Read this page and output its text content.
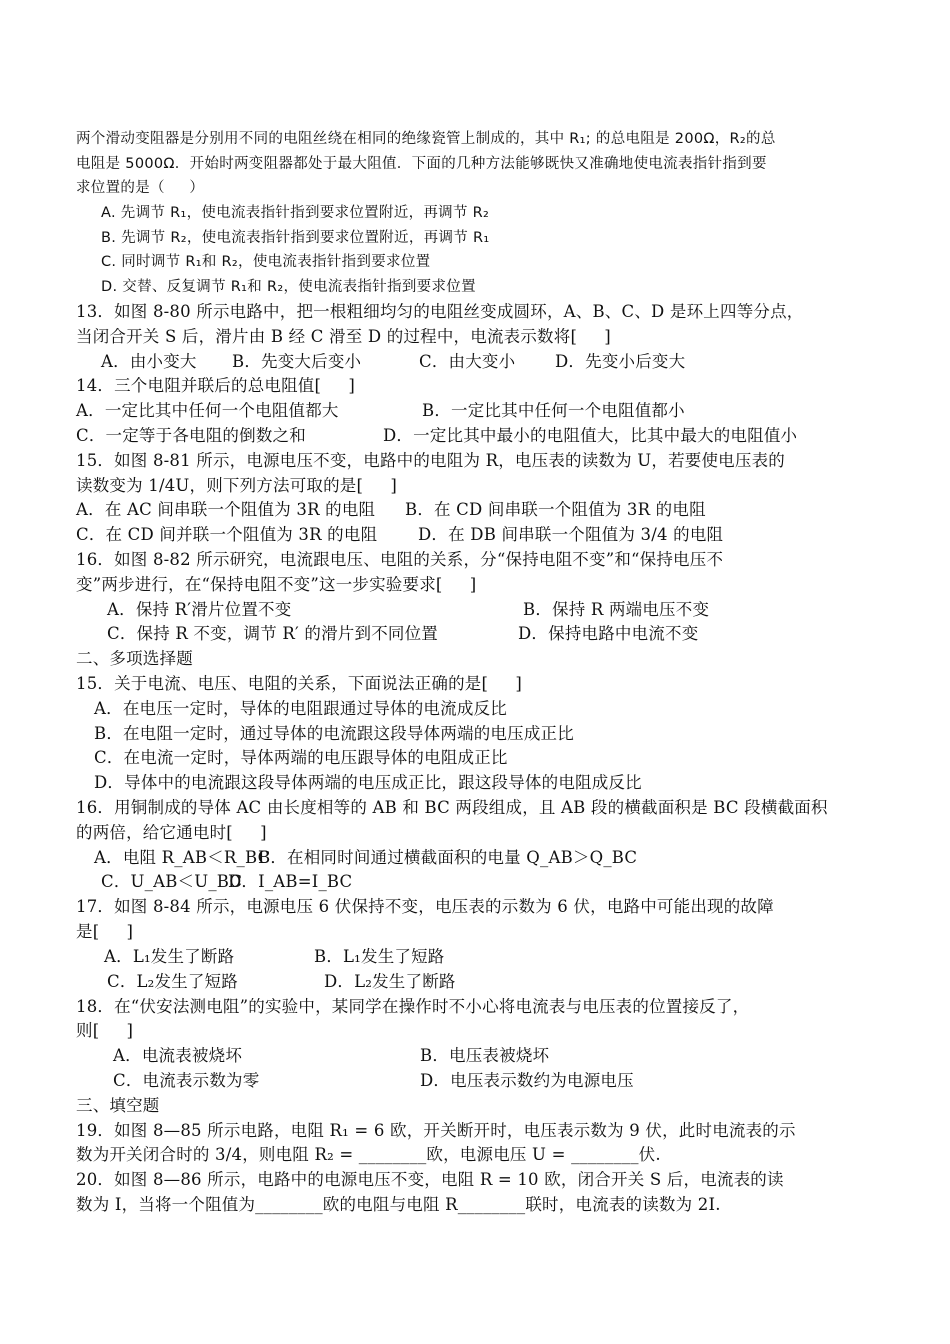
两个滑动变阻器是分别用不同的电阻丝绕在相同的绝缘瓷管上制成的，其中 R₁; 的总电阻是 200Ω，R₂的总
电阻是 5000Ω．开始时两变阻器都处于最大阻值．下面的几种方法能够既快又准确地使电流表指针指到要
求位置的是（     ）
A. 先调节 R₁，使电流表指针指到要求位置附近，再调节 R₂
B. 先调节 R₂，使电流表指针指到要求位置附近，再调节 R₁
C. 同时调节 R₁和 R₂，使电流表指针指到要求位置
D. 交替、反复调节 R₁和 R₂，使电流表指针指到要求位置
13．如图 8-80 所示电路中，把一根粗细均匀的电阻丝变成圆环，A、B、C、D 是环上四等分点，
当闭合开关 S 后，滑片由 B 经 C 滑至 D 的过程中，电流表示数将[     ]
A．由小变大 B．先变大后变小	C．由大变小 D．先变小后变大
14．三个电阻并联后的总电阻值[     ]
A．一定比其中任何一个电阻值都大	B．一定比其中任何一个电阻值都小
C．一定等于各电阻的倒数之和	D．一定比其中最小的电阻值大，比其中最大的电阻值小
15．如图 8-81 所示，电源电压不变，电路中的电阻为 R，电压表的读数为 U，若要使电压表的
读数变为 1/4U，则下列方法可取的是[     ]
A．在 AC 间串联一个阻值为 3R 的电阻 B．在 CD 间串联一个阻值为 3R 的电阻
C．在 CD 间并联一个阻值为 3R 的电阻 D．在 DB 间串联一个阻值为 3/4 的电阻
16．如图 8-82 所示研究，电流跟电压、电阻的关系，分“保持电阻不变”和“保持电压不
变”两步进行，在“保持电阻不变”这一步实验要求[     ]
A．保持 R′滑片位置不变	B．保持 R 两端电压不变
C．保持 R 不变，调节 R′ 的滑片到不同位置	D．保持电路中电流不变
二、多项选择题
15．关于电流、电压、电阻的关系，下面说法正确的是[     ]
A．在电压一定时，导体的电阻跟通过导体的电流成反比
B．在电阻一定时，通过导体的电流跟这段导体两端的电压成正比
C．在电流一定时，导体两端的电压跟导体的电阻成正比
D．导体中的电流跟这段导体两端的电压成正比，跟这段导体的电阻成反比
16．用铜制成的导体 AC 由长度相等的 AB 和 BC 两段组成，且 AB 段的横截面积是 BC 段横截面积
的两倍，给它通电时[     ]
A．电阻 R_AB＜R_BC
B．在相同时间通过横截面积的电量 Q_AB＞Q_BC
C．U_AB＜U_BC
D．I_AB=I_BC
17．如图 8-84 所示，电源电压 6 伏保持不变，电压表的示数为 6 伏，电路中可能出现的故障
是[     ]
A．L₁发生了断路	B．L₁发生了短路
C．L₂发生了短路	D．L₂发生了断路
18．在“伏安法测电阻”的实验中，某同学在操作时不小心将电流表与电压表的位置接反了，
则[     ]
A．电流表被烧坏	B．电压表被烧坏
C．电流表示数为零	D．电压表示数约为电源电压
三、填空题
19．如图 8—85 所示电路，电阻 R₁ = 6 欧，开关断开时，电压表示数为 9 伏，此时电流表的示
数为开关闭合时的 3/4，则电阻 R₂ = ________欧，电源电压 U = ________伏.
20．如图 8—86 所示，电路中的电源电压不变，电阻 R = 10 欧，闭合开关 S 后，电流表的读
数为 I，当将一个阻值为________欧的电阻与电阻 R________联时，电流表的读数为 2I.
